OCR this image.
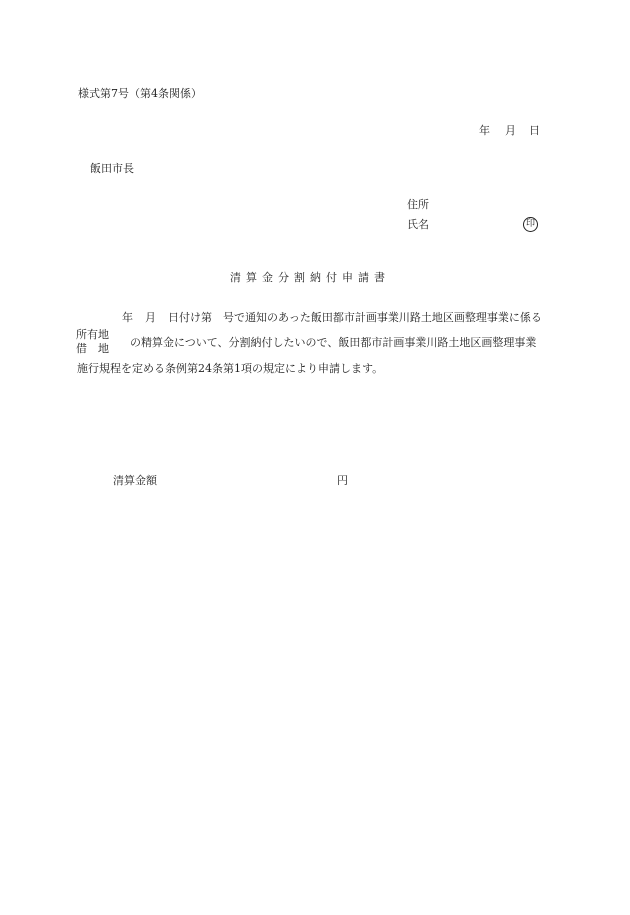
様式第7号（第4条関係）
年 月 日
飯田市長
住所
氏名	印
清算金分割納付申請書
年 月 日付け第　号で通知のあった飯田都市計画事業川路土地区画整理事業に係る
所有地
借　地 の精算金について、分割納付したいので、飯田都市計画事業川路土地区画整理事業
施行規程を定める条例第24条第1項の規定により申請します。
清算金額	円
